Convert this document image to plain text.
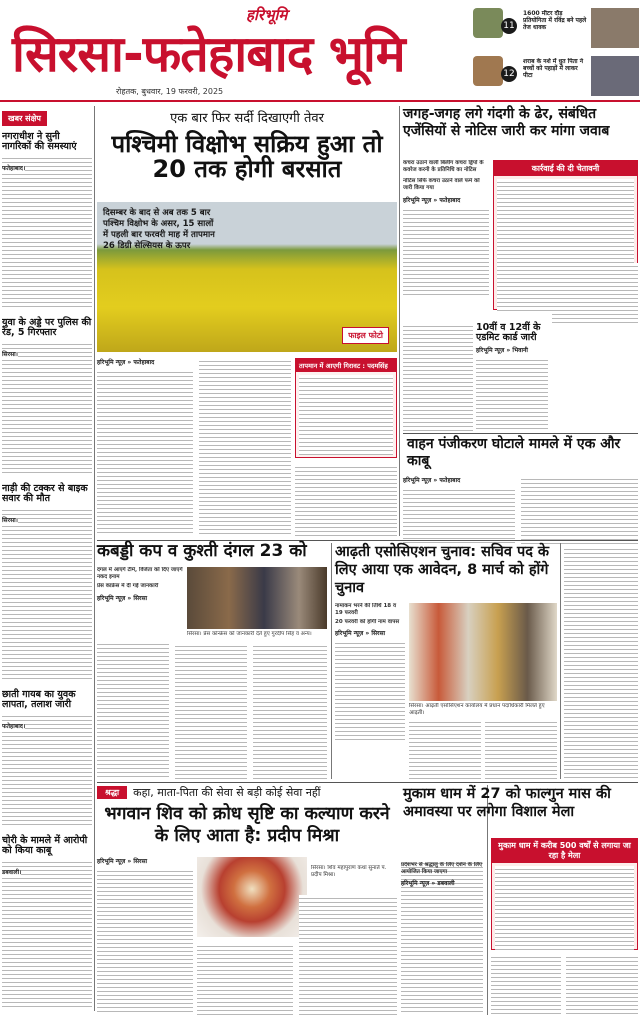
हरिभूमि
सिरसा-फतेहाबाद भूमि
रोहतक, बुधवार, 19 फरवरी, 2025
11
1600 मीटर दौड़ प्रतियोगिता में रविंद्र बने पहले तेज धावक
12
शराब के नशे में धुत पिता ने बच्चों को पहाड़ों में लाकर पीटा
खबर संक्षेप
नगराधीश ने सुनी नागरिकों की समस्याएं
फतेहाबाद।
युवा के अड्डे पर पुलिस की रेड, 5 गिरफ्तार
सिरसा।
नाड़ी की टक्कर से बाइक सवार की मौत
सिरसा।
छाती गायब का युवक लापता, तलाश जारी
फतेहाबाद।
चोरी के मामले में आरोपी को किया काबू
डबवाली।
एक बार फिर सर्दी दिखाएगी तेवर
पश्चिमी विक्षोभ सक्रिय हुआ तो 20 तक होगी बरसात
दिसम्बर के बाद से अब तक 5 बार पश्चिम विक्षोभ के असर, 15 सालों में पहली बार फरवरी माह में तापमान 26 डिग्री सेल्सियस के ऊपर
फाइल फोटो
हरिभूमि न्यूज़ » फतेहाबाद	तापमान में आएगी गिरावट : पदमसिंह
जगह-जगह लगे गंदगी के ढेर, संबंधित एजेंसियों से नोटिस जारी कर मांगा जवाब
कचरा उठाने वाली बिलींग कचरा ड्रिपों के कवरेज करनी के प्रतिनिधि का नोटिस
नोटिस सिर्फ कचरा उठाने वाले फर्म को जारी किया गया
हरिभूमि न्यूज़ » फतेहाबाद
कार्रवाई की दी चेतावनी
10वीं व 12वीं के एडमिट कार्ड जारी
हरिभूमि न्यूज़ » भिवानी
वाहन पंजीकरण घोटाले मामले में एक और काबू
हरिभूमि न्यूज़ » फतेहाबाद
कबड्डी कप व कुश्ती दंगल 23 को
दंगल में आएंगे टीमें, विजेता को दिए जाएंगे नकद इनाम
प्रेस कांफ्रेंस में दी गई जानकारी
हरिभूमि न्यूज़ » सिरसा
सिरसा। प्रेस कॉन्फ्रेंस को जानकारी देते हुए गुरदीप सिंह व अन्य।
आढ़ती एसोसिएशन चुनाव: सचिव पद के लिए आया एक आवेदन, 8 मार्च को होंगे चुनाव
नामांकन भरने की तिथि 18 व 19 फरवरी
20 फरवरी को होगी नाम वापस
हरिभूमि न्यूज़ » सिरसा
सिरसा। आढ़ती एसोसिएशन कार्यालय में प्रधान पदाधिकारी मिलते हुए आढ़ती।
श्रद्धा	कहा, माता-पिता की सेवा से बड़ी कोई सेवा नहीं
भगवान शिव को क्रोध सृष्टि का कल्याण करने के लिए आता है: प्रदीप मिश्रा
हरिभूमि न्यूज़ » सिरसा
सिरसा। शिव महापुराण कथा सुनाते पं. प्रदीप मिश्रा।
मुकाम धाम में 27 को फाल्गुन मास की अमावस्या पर लगेगा विशाल मेला
प्रदेशभर से श्रद्धालु के लिए दर्शन के लिए आयोजित किया जाएगा
हरिभूमि न्यूज़ » डबवाली
मुकाम धाम में करीब 500 वर्षों से लगाया जा रहा है मेला
